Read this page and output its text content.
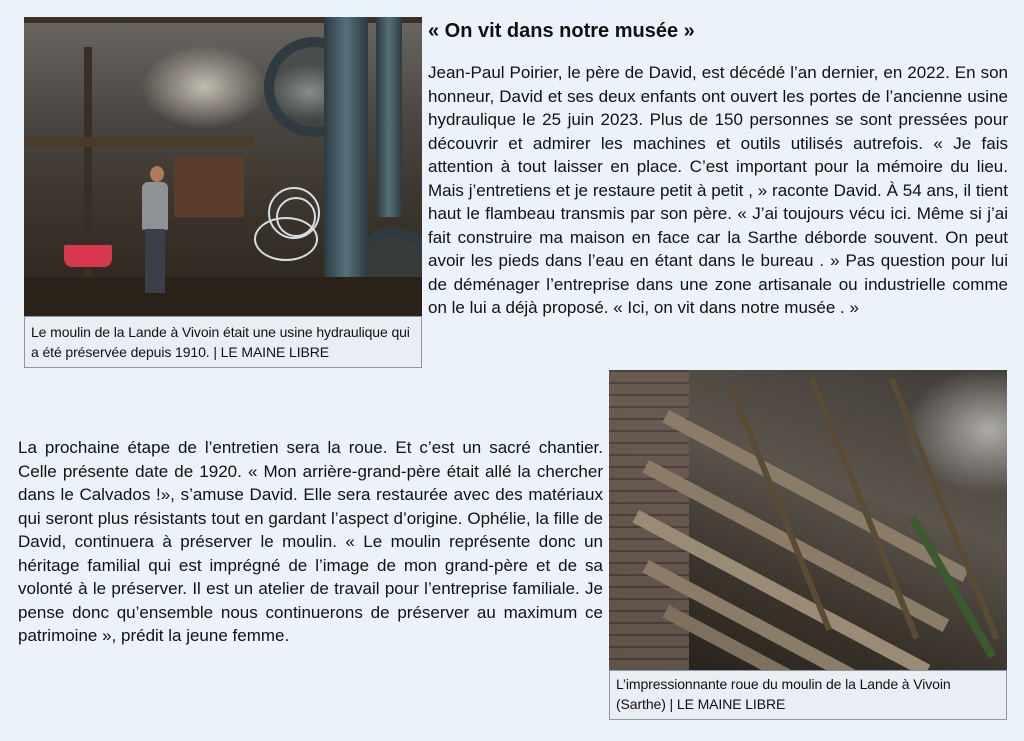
Le moulin de la Lande à Vivoin était une usine hydraulique qui a été préservée depuis 1910. | LE MAINE LIBRE
« On vit dans notre musée »

Jean-Paul Poirier, le père de David, est décédé l’an dernier, en 2022. En son honneur, David et ses deux enfants ont ouvert les portes de l’ancienne usine hydraulique le 25 juin 2023. Plus de 150 personnes se sont pressées pour découvrir et admirer les machines et outils utilisés autrefois. « Je fais attention à tout laisser en place. C’est important pour la mémoire du lieu. Mais j’entretiens et je restaure petit à petit , » raconte David. À 54 ans, il tient haut le flambeau transmis par son père. « J’ai toujours vécu ici. Même si j’ai fait construire ma maison en face car la Sarthe déborde souvent. On peut avoir les pieds dans l’eau en étant dans le bureau . » Pas question pour lui de déménager l’entreprise dans une zone artisanale ou industrielle comme on le lui a déjà proposé. « Ici, on vit dans notre musée . »

La prochaine étape de l’entretien sera la roue. Et c’est un sacré chantier. Celle présente date de 1920. « Mon arrière-grand-père était allé la chercher dans le Calvados !», s’amuse David. Elle sera restaurée avec des matériaux qui seront plus résistants tout en gardant l’aspect d’origine. Ophélie, la fille de David, continuera à préserver le moulin. « Le moulin représente donc un héritage familial qui est imprégné de l’image de mon grand-père et de sa volonté à le préserver. Il est un atelier de travail pour l’entreprise familiale. Je pense donc qu’ensemble nous continuerons de préserver au maximum ce patrimoine », prédit la jeune femme.

L’impressionnante roue du moulin de la Lande à Vivoin (Sarthe) | LE MAINE LIBRE
